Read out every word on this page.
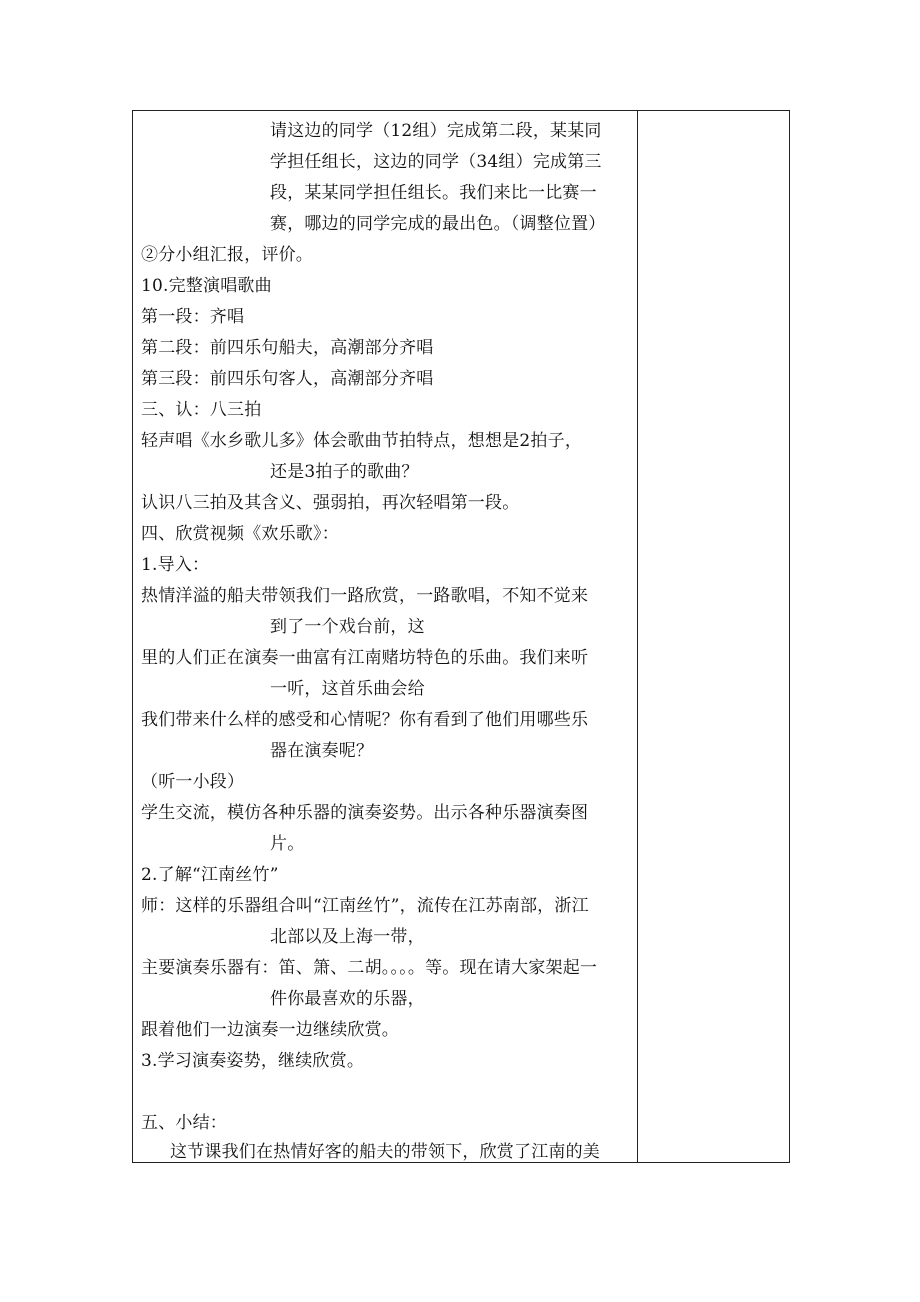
请这边的同学（12组）完成第二段，某某同
学担任组长，这边的同学（34组）完成第三
段，某某同学担任组长。我们来比一比赛一
赛，哪边的同学完成的最出色。（调整位置）
②分小组汇报，评价。
10.完整演唱歌曲
第一段：齐唱
第二段：前四乐句船夫，高潮部分齐唱
第三段：前四乐句客人，高潮部分齐唱
三、认：八三拍
轻声唱《水乡歌儿多》体会歌曲节拍特点，想想是2拍子，
还是3拍子的歌曲？
认识八三拍及其含义、强弱拍，再次轻唱第一段。
四、欣赏视频《欢乐歌》：
1.导入：
热情洋溢的船夫带领我们一路欣赏，一路歌唱，不知不觉来
到了一个戏台前，这
里的人们正在演奏一曲富有江南赌坊特色的乐曲。我们来听
一听，这首乐曲会给
我们带来什么样的感受和心情呢？你有看到了他们用哪些乐
器在演奏呢？
（听一小段）
学生交流，模仿各种乐器的演奏姿势。出示各种乐器演奏图
片。
2.了解“江南丝竹”
师：这样的乐器组合叫“江南丝竹”，流传在江苏南部，浙江
北部以及上海一带，
主要演奏乐器有：笛、箫、二胡。。。。等。现在请大家架起一
件你最喜欢的乐器，
跟着他们一边演奏一边继续欣赏。
3.学习演奏姿势，继续欣赏。
五、小结：
这节课我们在热情好客的船夫的带领下，欣赏了江南的美
